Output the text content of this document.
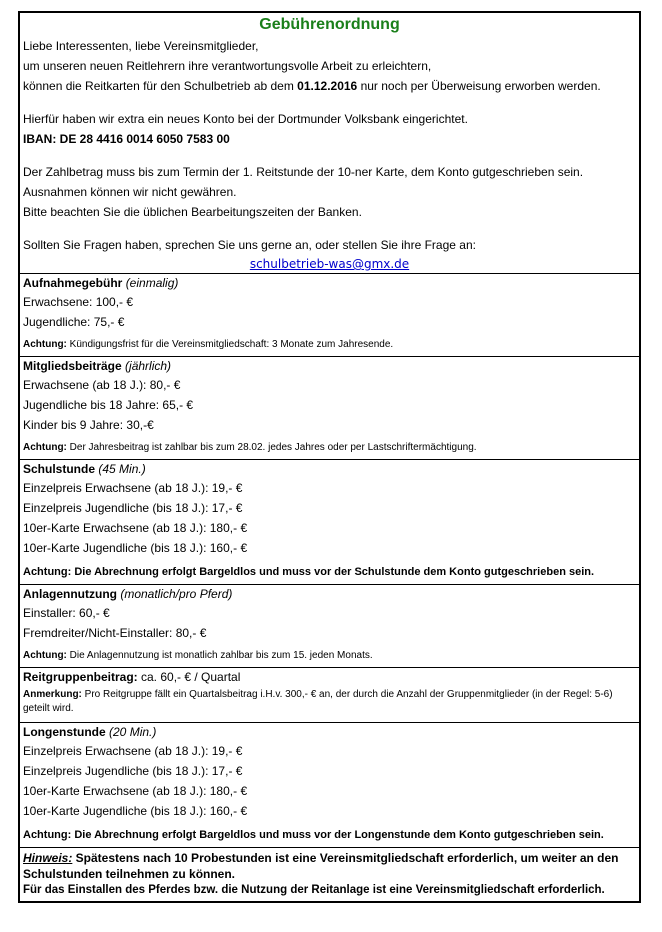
Gebührenordnung
Liebe Interessenten, liebe Vereinsmitglieder,
um unseren neuen Reitlehrern ihre verantwortungsvolle Arbeit zu erleichtern,
können die Reitkarten für den Schulbetrieb ab dem 01.12.2016 nur noch per Überweisung erworben werden.
Hierfür haben wir extra ein neues Konto bei der Dortmunder Volksbank eingerichtet.
IBAN: DE 28 4416 0014 6050 7583 00
Der Zahlbetrag muss bis zum Termin der 1. Reitstunde der 10-ner Karte, dem Konto gutgeschrieben sein.
Ausnahmen können wir nicht gewähren.
Bitte beachten Sie die üblichen Bearbeitungszeiten der Banken.
Sollten Sie Fragen haben, sprechen Sie uns gerne an, oder stellen Sie ihre Frage an:
schulbetrieb-was@gmx.de
Aufnahmegebühr (einmalig)
Erwachsene: 100,- €
Jugendliche: 75,- €
Achtung: Kündigungsfrist für die Vereinsmitgliedschaft: 3 Monate zum Jahresende.
Mitgliedsbeiträge (jährlich)
Erwachsene (ab 18 J.): 80,- €
Jugendliche bis 18 Jahre: 65,- €
Kinder bis 9 Jahre: 30,-€
Achtung: Der Jahresbeitrag ist zahlbar bis zum 28.02. jedes Jahres oder per Lastschriftermächtigung.
Schulstunde (45 Min.)
Einzelpreis Erwachsene (ab 18 J.): 19,- €
Einzelpreis Jugendliche (bis 18 J.): 17,- €
10er-Karte Erwachsene (ab 18 J.): 180,- €
10er-Karte Jugendliche (bis 18 J.): 160,- €
Achtung: Die Abrechnung erfolgt Bargeldlos und muss vor der Schulstunde dem Konto gutgeschrieben sein.
Anlagennutzung (monatlich/pro Pferd)
Einstaller: 60,- €
Fremdreiter/Nicht-Einstaller: 80,- €
Achtung: Die Anlagennutzung ist monatlich zahlbar bis zum 15. jeden Monats.
Reitgruppenbeitrag: ca. 60,- € / Quartal
Anmerkung: Pro Reitgruppe fällt ein Quartalsbeitrag i.H.v. 300,- € an, der durch die Anzahl der Gruppenmitglieder (in der Regel: 5-6) geteilt wird.
Longenstunde (20 Min.)
Einzelpreis Erwachsene (ab 18 J.): 19,- €
Einzelpreis Jugendliche (bis 18 J.): 17,- €
10er-Karte Erwachsene (ab 18 J.): 180,- €
10er-Karte Jugendliche (bis 18 J.): 160,- €
Achtung: Die Abrechnung erfolgt Bargeldlos und muss vor der Longenstunde dem Konto gutgeschrieben sein.
Hinweis: Spätestens nach 10 Probestunden ist eine Vereinsmitgliedschaft erforderlich, um weiter an den Schulstunden teilnehmen zu können.
Für das Einstallen des Pferdes bzw. die Nutzung der Reitanlage ist eine Vereinsmitgliedschaft erforderlich.
